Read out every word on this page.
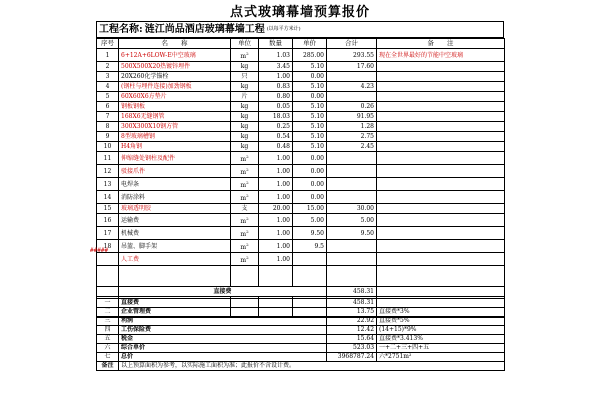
点式玻璃幕墙预算报价
工程名称: 涟江尚品酒店玻璃幕墙工程 (以每平方米计)
序号	名　　称	单位	数量	单价	合计	备　　注
1	6+12A+6LOW-E中空玻璃	$m^2$	1.03	285.00	293.55	现在全世界最好的节能中空玻璃
2	500X500X20热镀锌埋件	kg	3.45	5.10	17.60	
3	20X260化学锚栓	只	1.00	0.00		
4	(钢柱与埋件连接)加劲钢板	kg	0.83	5.10	4.23	
5	60X60X6方垫片	片	0.80	0.00		
6	钢板钢板	kg	0.05	5.10	0.26	
7	168X6无缝钢管	kg	18.03	5.10	91.95	
8	300X300X10钢方管	kg	0.25	5.10	1.28	
9	8型玻璃槽钢	kg	0.54	5.10	2.75	
10	H4角钢	kg	0.48	5.10	2.45	
11	伸缩缝处钢柱及配件	$m^2$	1.00	0.00		
12	驳接爪件	$m^2$	1.00	0.00		
13	电焊条	$m^2$	1.00	0.00		
14	消防涂料	$m^2$	1.00	0.00		
15	玻璃透明胶	支	20.00	15.00	30.00	
16	运输费	$m^2$	1.00	5.00	5.00	
17	机械费	$m^2$	1.00	9.50	9.50	
18	吊篮、脚手架	$m^2$	1.00	9.5		
	人工费	$m^2$	1.00			

	直接费				458.31	

#####
一	直接费	458.31	
二	企业管理费	13.75	直接费*3%
三	利润	22.92	直接费*5%
四	工伤保险费	12.42	(14+15)*9%
五	税金	15.64	直接费*3.413%
六	综合单价	523.03	一+二+三+四+五
七	总价	3968787.24	六*2751m²
备注	以上预算面积为参考，以实际施工面积为准；此报价不含设计费。		
